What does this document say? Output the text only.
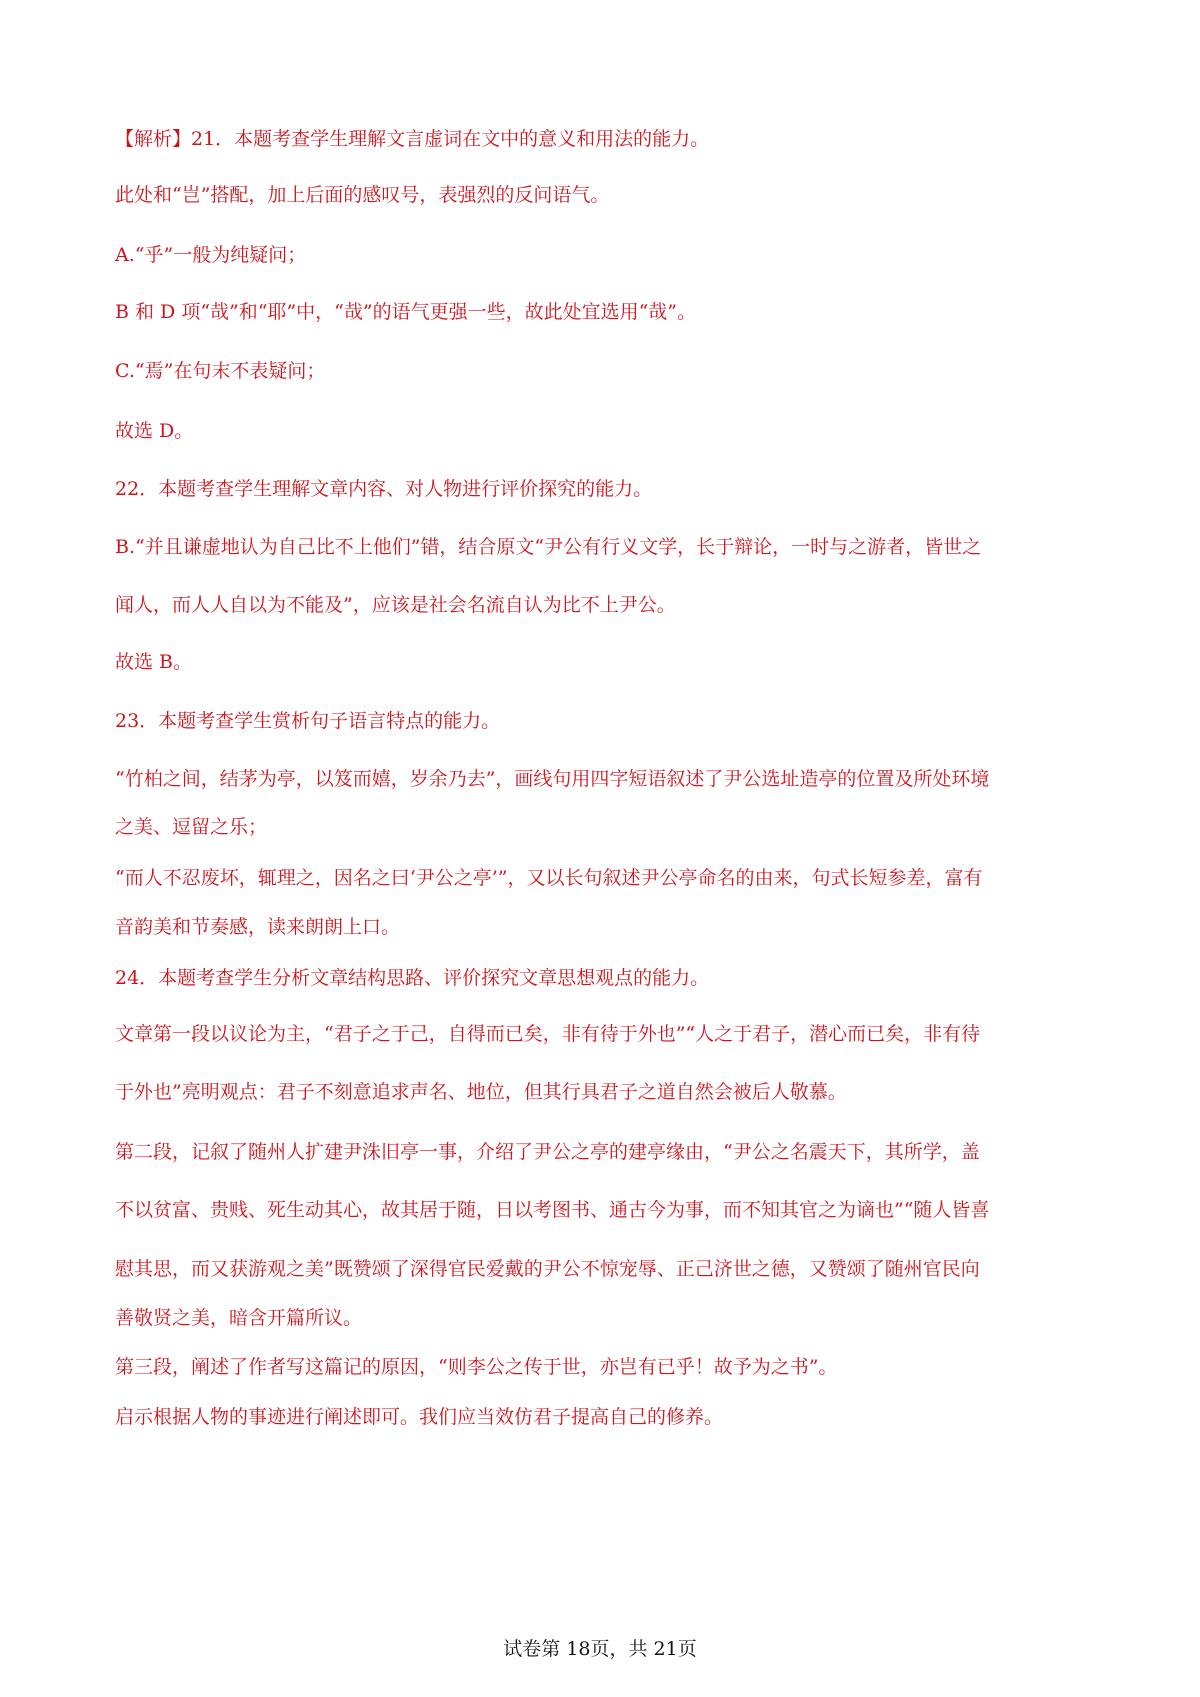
【解析】21．本题考查学生理解文言虚词在文中的意义和用法的能力。
此处和“岂”搭配，加上后面的感叹号，表强烈的反问语气。
A.“乎”一般为纯疑问；
B 和 D 项“哉”和“耶”中，“哉”的语气更强一些，故此处宜选用“哉”。
C.“焉”在句末不表疑问；
故选 D。
22．本题考查学生理解文章内容、对人物进行评价探究的能力。
B.“并且谦虚地认为自己比不上他们”错，结合原文“尹公有行义文学，长于辩论，一时与之游者，皆世之
闻人，而人人自以为不能及”，应该是社会名流自认为比不上尹公。
故选 B。
23．本题考查学生赏析句子语言特点的能力。
“竹柏之间，结茅为亭，以笈而嬉，岁余乃去”，画线句用四字短语叙述了尹公选址造亭的位置及所处环境
之美、逗留之乐；
“而人不忍废坏，辄理之，因名之曰‘尹公之亭’”，又以长句叙述尹公亭命名的由来，句式长短参差，富有
音韵美和节奏感，读来朗朗上口。
24．本题考查学生分析文章结构思路、评价探究文章思想观点的能力。
文章第一段以议论为主，“君子之于己，自得而已矣，非有待于外也”“人之于君子，潜心而已矣，非有待
于外也”亮明观点：君子不刻意追求声名、地位，但其行具君子之道自然会被后人敬慕。
第二段，记叙了随州人扩建尹洙旧亭一事，介绍了尹公之亭的建亭缘由，“尹公之名震天下，其所学，盖
不以贫富、贵贱、死生动其心，故其居于随，日以考图书、通古今为事，而不知其官之为谪也”“随人皆喜
慰其思，而又获游观之美”既赞颂了深得官民爱戴的尹公不惊宠辱、正己济世之德，又赞颂了随州官民向
善敬贤之美，暗含开篇所议。
第三段，阐述了作者写这篇记的原因，“则李公之传于世，亦岂有已乎！故予为之书”。
启示根据人物的事迹进行阐述即可。我们应当效仿君子提高自己的修养。
试卷第 18页，共 21页
